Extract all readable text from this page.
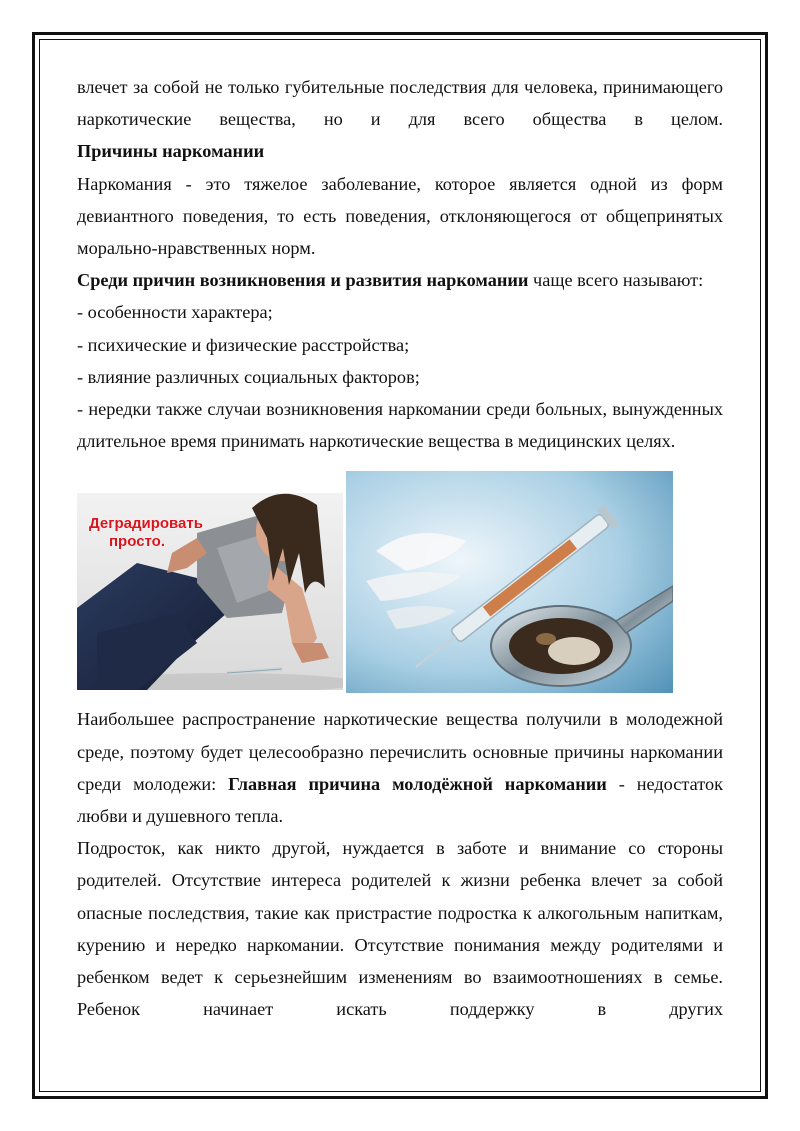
влечет за собой не только губительные последствия для человека, принимающего наркотические вещества, но и для всего общества в целом.

Причины наркомании

Наркомания - это тяжелое заболевание, которое является одной из форм девиантного поведения, то есть поведения, отклоняющегося от общепринятых морально-нравственных норм.

Среди причин возникновения и развития наркомании чаще всего называют:

- особенности характера;

- психические и физические расстройства;

- влияние различных социальных факторов;

- нередки также случаи возникновения наркомании среди больных, вынужденных длительное время принимать наркотические вещества в медицинских целях.

Деградировать
просто.

Наибольшее распространение наркотические вещества получили в молодежной среде, поэтому будет целесообразно перечислить основные причины наркомании среди молодежи: Главная причина молодёжной наркомании - недостаток любви и душевного тепла.

Подросток, как никто другой, нуждается в заботе и внимание со стороны родителей. Отсутствие интереса родителей к жизни ребенка влечет за собой опасные последствия, такие как пристрастие подростка к алкогольным напиткам, курению и нередко наркомании. Отсутствие понимания между родителями и ребенком ведет к серьезнейшим изменениям во взаимоотношениях в семье. Ребенок начинает искать поддержку в других
